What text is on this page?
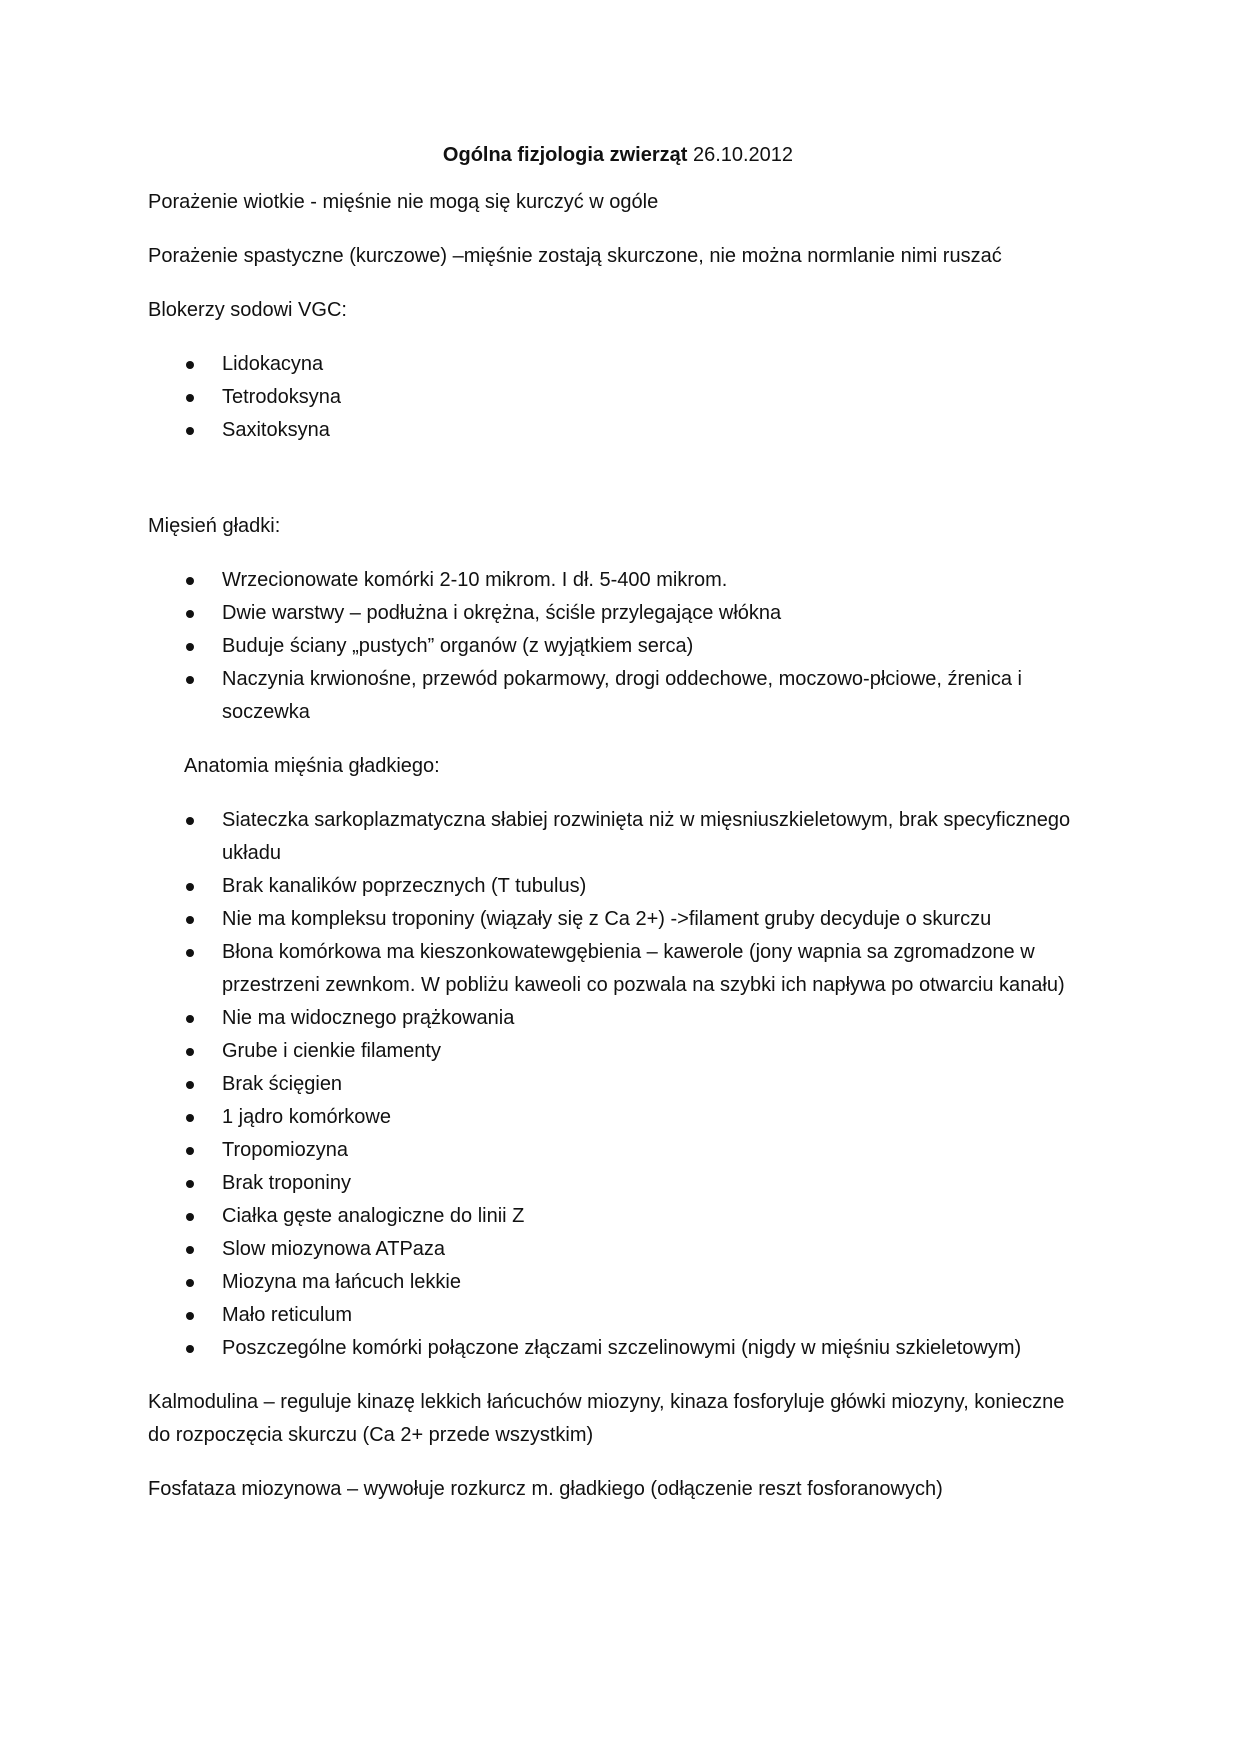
Ogólna fizjologia zwierząt 26.10.2012

Porażenie wiotkie - mięśnie nie mogą się kurczyć w ogóle

Porażenie spastyczne (kurczowe) –mięśnie zostają skurczone, nie można normlanie nimi ruszać

Blokerzy sodowi VGC:

Lidokacyna
Tetrodoksyna
Saxitoksyna

Mięsień gładki:

Wrzecionowate komórki 2-10 mikrom. I dł. 5-400 mikrom.
Dwie warstwy – podłużna i okrężna, ściśle przylegające włókna
Buduje ściany „pustych” organów (z wyjątkiem serca)
Naczynia krwionośne, przewód pokarmowy, drogi oddechowe, moczowo-płciowe, źrenica i soczewka

Anatomia mięśnia gładkiego:

Siateczka sarkoplazmatyczna słabiej rozwinięta niż w mięsniuszkieletowym, brak specyficznego układu
Brak kanalików poprzecznych (T tubulus)
Nie ma kompleksu troponiny (wiązały się z Ca 2+) ->filament gruby decyduje o skurczu
Błona komórkowa ma kieszonkowatewgębienia – kawerole (jony wapnia sa zgromadzone w przestrzeni zewnkom. W pobliżu kaweoli co pozwala na szybki ich napływa po otwarciu kanału)
Nie ma widocznego prążkowania
Grube i cienkie filamenty
Brak ścięgien
1 jądro komórkowe
Tropomiozyna
Brak troponiny
Ciałka gęste analogiczne do linii Z
Slow miozynowa ATPaza
Miozyna ma łańcuch lekkie
Mało reticulum
Poszczególne komórki połączone złączami szczelinowymi (nigdy w mięśniu szkieletowym)

Kalmodulina – reguluje kinazę lekkich łańcuchów miozyny, kinaza fosforyluje główki miozyny, konieczne do rozpoczęcia skurczu (Ca 2+ przede wszystkim)

Fosfataza miozynowa – wywołuje rozkurcz m. gładkiego (odłączenie reszt fosforanowych)
